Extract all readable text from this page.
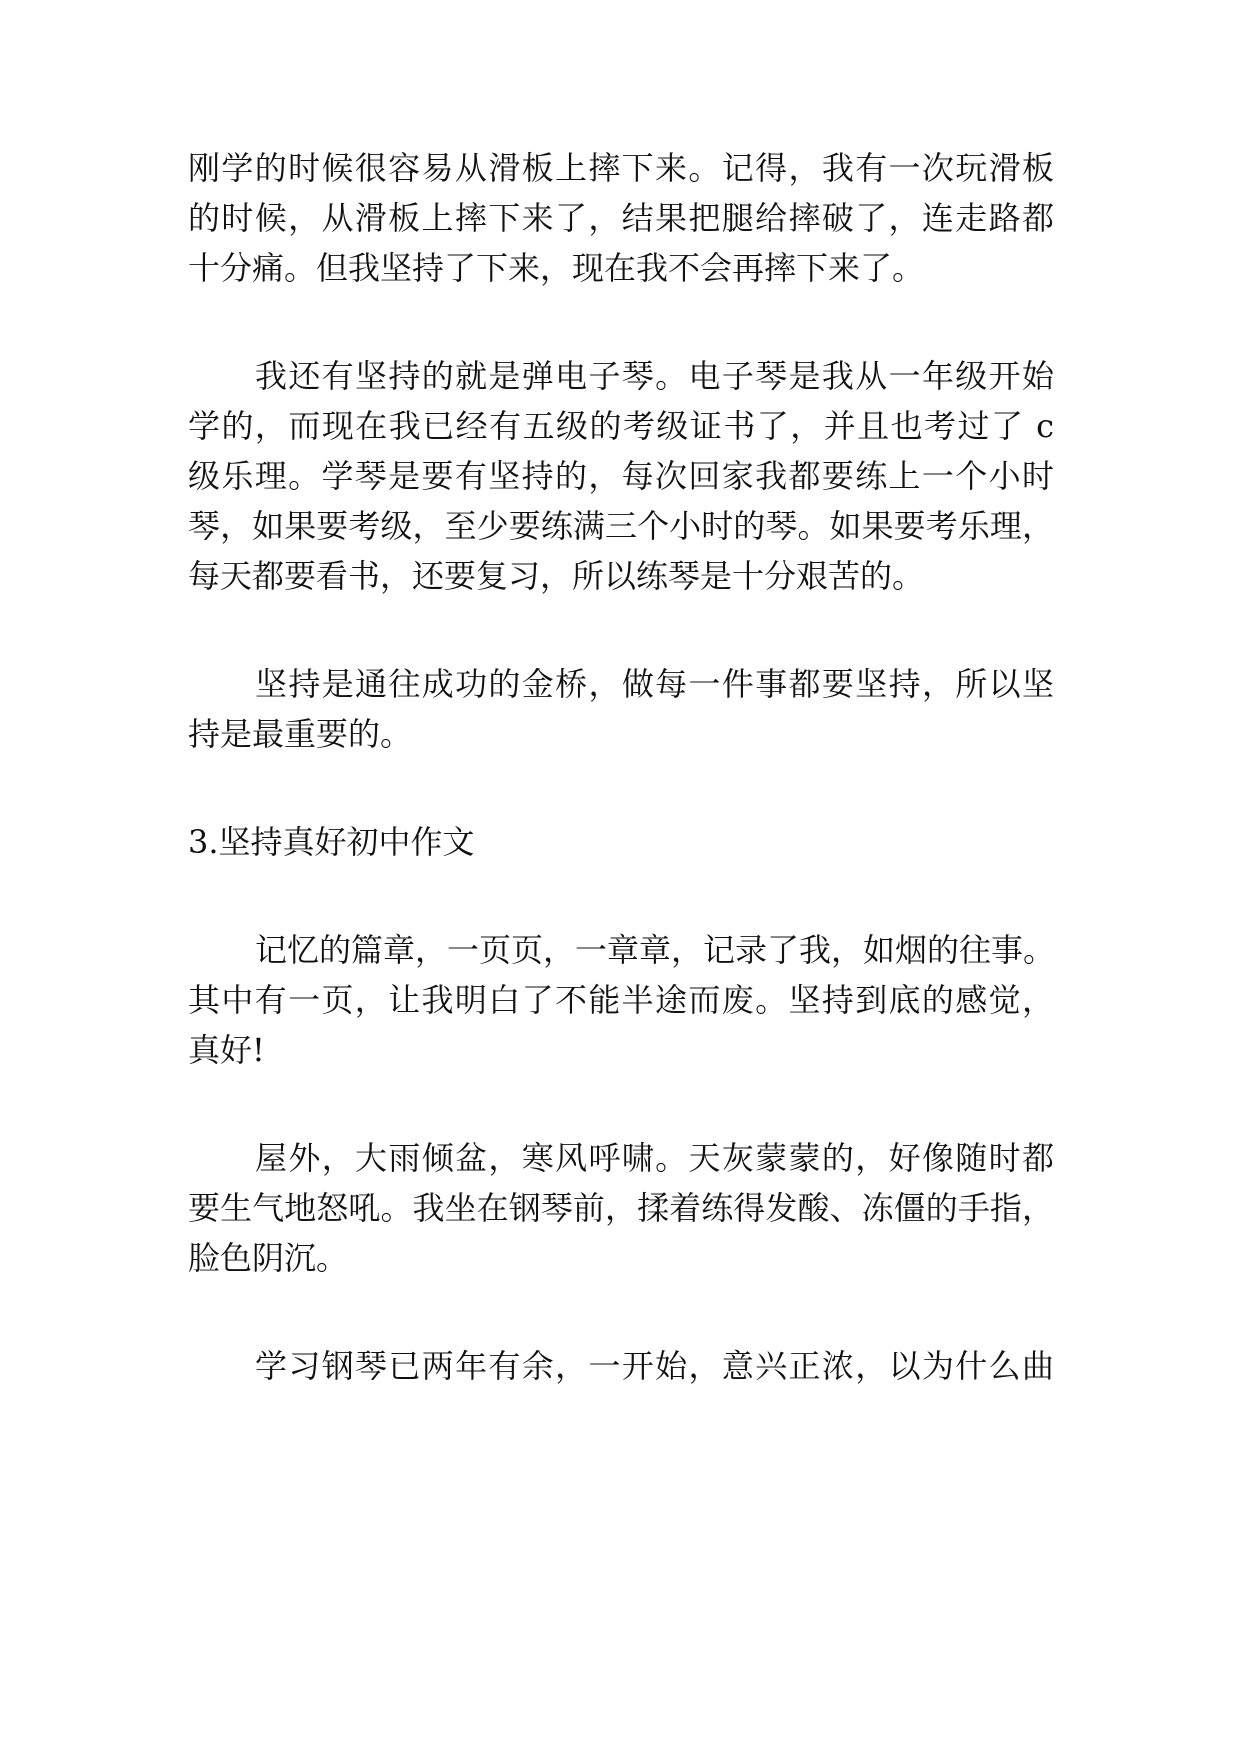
刚学的时候很容易从滑板上摔下来。记得，我有一次玩滑板
的时候，从滑板上摔下来了，结果把腿给摔破了，连走路都
十分痛。但我坚持了下来，现在我不会再摔下来了。
我还有坚持的就是弹电子琴。电子琴是我从一年级开始
学的，而现在我已经有五级的考级证书了，并且也考过了 c
级乐理。学琴是要有坚持的，每次回家我都要练上一个小时
琴，如果要考级，至少要练满三个小时的琴。如果要考乐理，
每天都要看书，还要复习，所以练琴是十分艰苦的。
坚持是通往成功的金桥，做每一件事都要坚持，所以坚
持是最重要的。
3.坚持真好初中作文
记忆的篇章，一页页，一章章，记录了我，如烟的往事。
其中有一页，让我明白了不能半途而废。坚持到底的感觉，
真好!
屋外，大雨倾盆，寒风呼啸。天灰蒙蒙的，好像随时都
要生气地怒吼。我坐在钢琴前，揉着练得发酸、冻僵的手指，
脸色阴沉。
学习钢琴已两年有余，一开始，意兴正浓，以为什么曲
